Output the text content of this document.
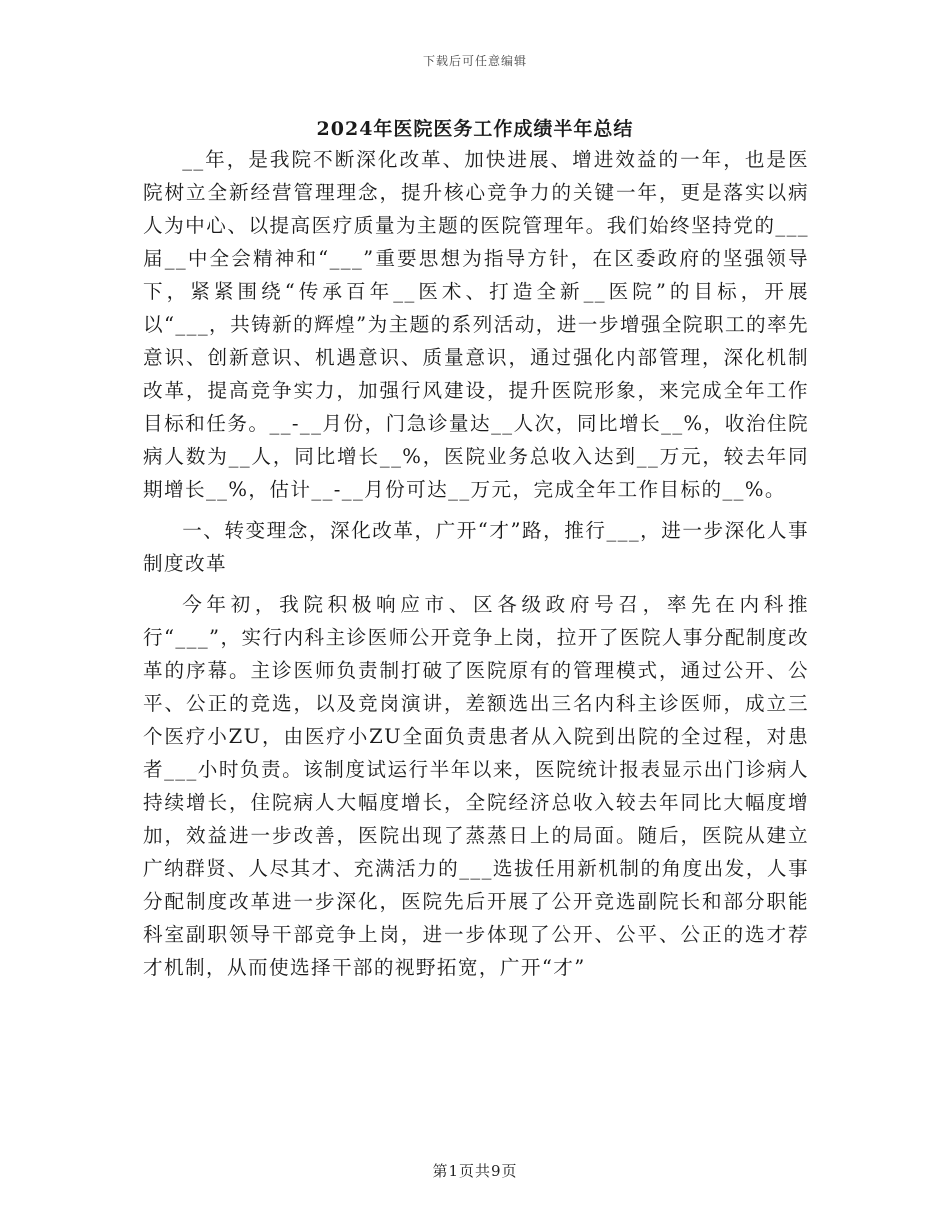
下载后可任意编辑
2024年医院医务工作成绩半年总结

__年，是我院不断深化改革、加快进展、增进效益的一年，也是医院树立全新经营管理理念，提升核心竞争力的关键一年，更是落实以病人为中心、以提高医疗质量为主题的医院管理年。我们始终坚持党的___届__中全会精神和“___”重要思想为指导方针，在区委政府的坚强领导下，紧紧围绕“传承百年__医术、打造全新__医院”的目标，开展以“___，共铸新的辉煌”为主题的系列活动，进一步增强全院职工的率先意识、创新意识、机遇意识、质量意识，通过强化内部管理，深化机制改革，提高竞争实力，加强行风建设，提升医院形象，来完成全年工作目标和任务。__-__月份，门急诊量达__人次，同比增长__%，收治住院病人数为__人，同比增长__%，医院业务总收入达到__万元，较去年同期增长__%，估计__-__月份可达__万元，完成全年工作目标的__%。

一、转变理念，深化改革，广开“才”路，推行___，进一步深化人事制度改革

今年初，我院积极响应市、区各级政府号召，率先在内科推行“___”，实行内科主诊医师公开竞争上岗，拉开了医院人事分配制度改革的序幕。主诊医师负责制打破了医院原有的管理模式，通过公开、公平、公正的竞选，以及竞岗演讲，差额选出三名内科主诊医师，成立三个医疗小ZU，由医疗小ZU全面负责患者从入院到出院的全过程，对患者___小时负责。该制度试运行半年以来，医院统计报表显示出门诊病人持续增长，住院病人大幅度增长，全院经济总收入较去年同比大幅度增加，效益进一步改善，医院出现了蒸蒸日上的局面。随后，医院从建立广纳群贤、人尽其才、充满活力的___选拔任用新机制的角度出发，人事分配制度改革进一步深化，医院先后开展了公开竞选副院长和部分职能科室副职领导干部竞争上岗，进一步体现了公开、公平、公正的选才荐才机制，从而使选择干部的视野拓宽，广开“才”

第1页共9页
